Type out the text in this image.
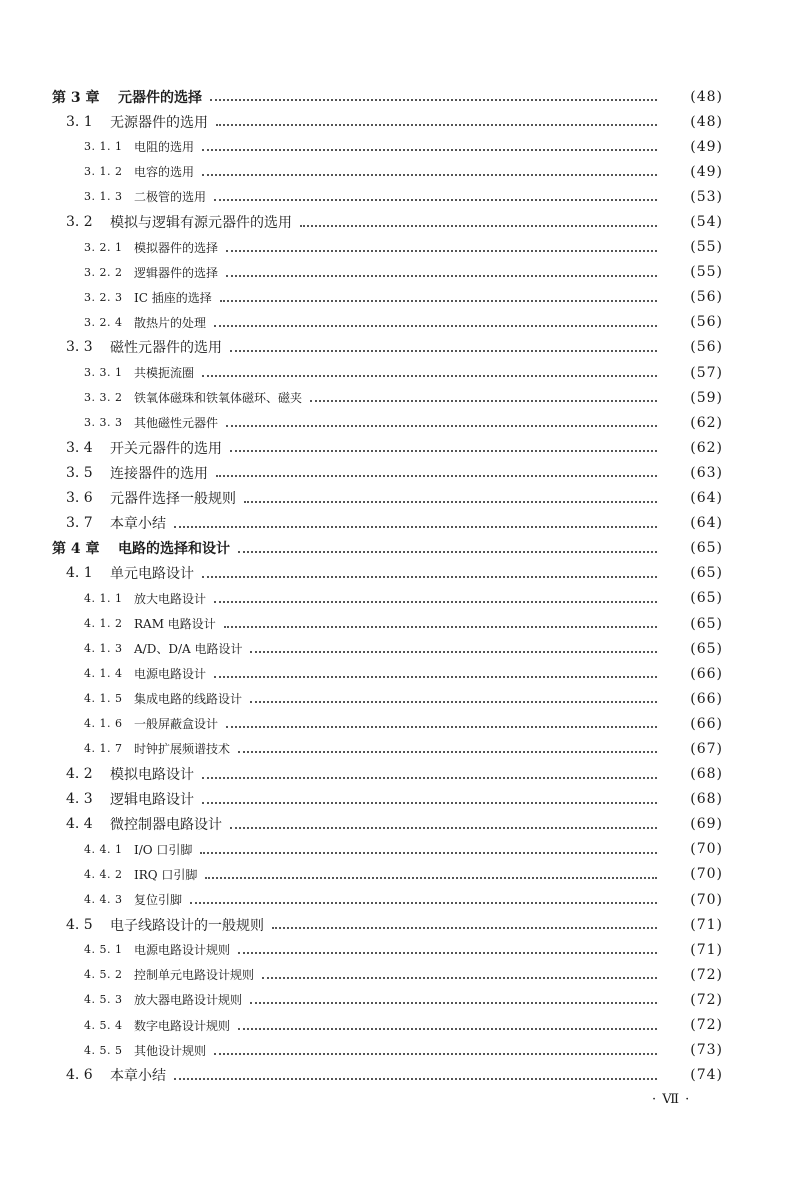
第 3 章	元器件的选择	(48)
3. 1	无源器件的选用	(48)
3. 1. 1 电阻的选用	(49)
3. 1. 2 电容的选用	(49)
3. 1. 3 二极管的选用	(53)
3. 2	模拟与逻辑有源元器件的选用	(54)
3. 2. 1 模拟器件的选择	(55)
3. 2. 2 逻辑器件的选择	(55)
3. 2. 3 IC 插座的选择	(56)
3. 2. 4 散热片的处理	(56)
3. 3	磁性元器件的选用	(56)
3. 3. 1 共模扼流圈	(57)
3. 3. 2 铁氧体磁珠和铁氧体磁环、磁夹	(59)
3. 3. 3 其他磁性元器件	(62)
3. 4	开关元器件的选用	(62)
3. 5	连接器件的选用	(63)
3. 6	元器件选择一般规则	(64)
3. 7	本章小结	(64)
第 4 章	电路的选择和设计	(65)
4. 1	单元电路设计	(65)
4. 1. 1 放大电路设计	(65)
4. 1. 2 RAM 电路设计	(65)
4. 1. 3 A/D、D/A 电路设计	(65)
4. 1. 4 电源电路设计	(66)
4. 1. 5 集成电路的线路设计	(66)
4. 1. 6 一般屏蔽盒设计	(66)
4. 1. 7 时钟扩展频谱技术	(67)
4. 2	模拟电路设计	(68)
4. 3	逻辑电路设计	(68)
4. 4	微控制器电路设计	(69)
4. 4. 1 I/O 口引脚	(70)
4. 4. 2 IRQ 口引脚	(70)
4. 4. 3 复位引脚	(70)
4. 5	电子线路设计的一般规则	(71)
4. 5. 1 电源电路设计规则	(71)
4. 5. 2 控制单元电路设计规则	(72)
4. 5. 3 放大器电路设计规则	(72)
4. 5. 4 数字电路设计规则	(72)
4. 5. 5 其他设计规则	(73)
4. 6	本章小结	(74)
· Ⅶ ·
